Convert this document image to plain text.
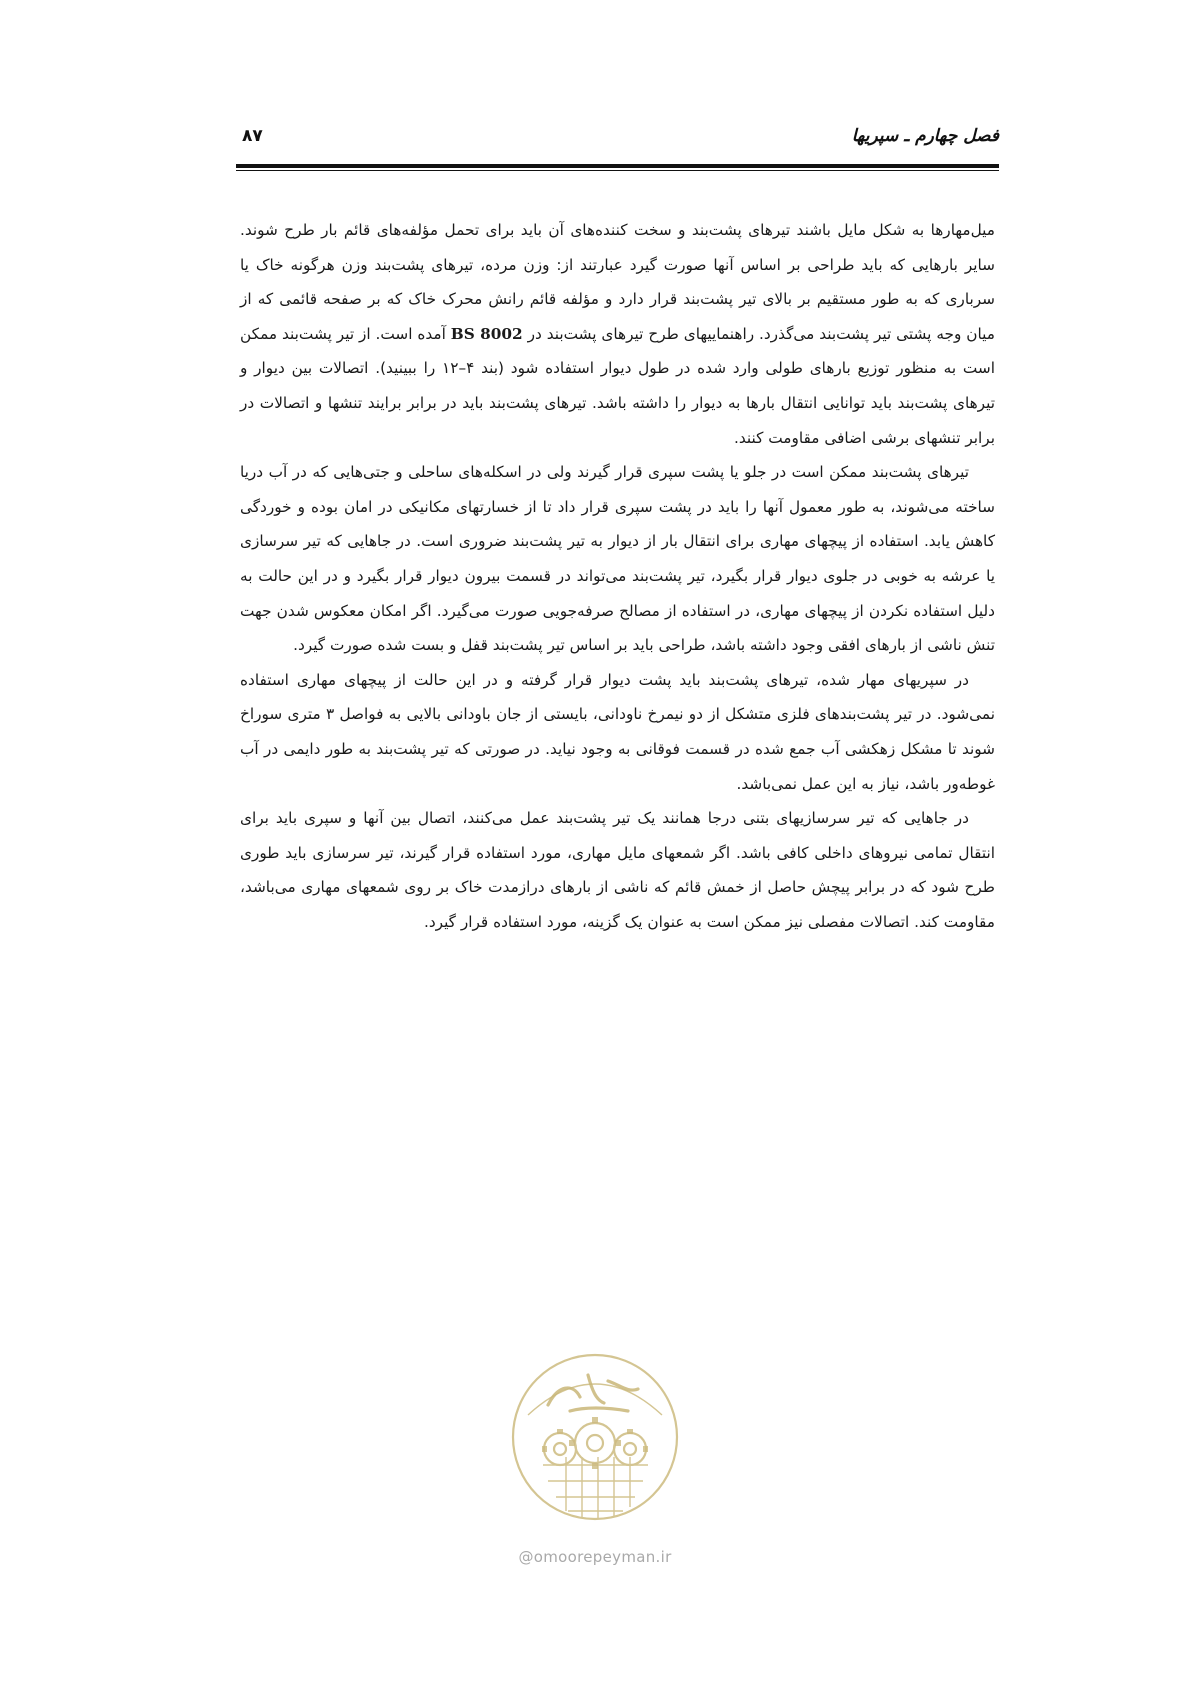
فصل چهارم ـ سپریها
۸۷

میل‌مهارها به شکل مایل باشند تیرهای پشت‌بند و سخت کننده‌های آن باید برای تحمل مؤلفه‌های قائم بار طرح شوند. سایر بارهایی که باید طراحی بر اساس آنها صورت گیرد عبارتند از: وزن مرده، تیرهای پشت‌بند وزن هرگونه خاک یا سرباری که به طور مستقیم بر بالای تیر پشت‌بند قرار دارد و مؤلفه قائم رانش محرک خاک که بر صفحه قائمی که از میان وجه پشتی تیر پشت‌بند می‌گذرد. راهنماییهای طرح تیرهای پشت‌بند در BS 8002 آمده است. از تیر پشت‌بند ممکن است به منظور توزیع بارهای طولی وارد شده در طول دیوار استفاده شود (بند ۴–۱۲ را ببینید). اتصالات بین دیوار و تیرهای پشت‌بند باید توانایی انتقال بارها به دیوار را داشته باشد. تیرهای پشت‌بند باید در برابر برایند تنشها و اتصالات در برابر تنشهای برشی اضافی مقاومت کنند.

تیرهای پشت‌بند ممکن است در جلو یا پشت سپری قرار گیرند ولی در اسکله‌های ساحلی و جتی‌هایی که در آب دریا ساخته می‌شوند، به طور معمول آنها را باید در پشت سپری قرار داد تا از خسارتهای مکانیکی در امان بوده و خوردگی کاهش یابد. استفاده از پیچهای مهاری برای انتقال بار از دیوار به تیر پشت‌بند ضروری است. در جاهایی که تیر سرسازی یا عرشه به خوبی در جلوی دیوار قرار بگیرد، تیر پشت‌بند می‌تواند در قسمت بیرون دیوار قرار بگیرد و در این حالت به دلیل استفاده نکردن از پیچهای مهاری، در استفاده از مصالح صرفه‌جویی صورت می‌گیرد. اگر امکان معکوس شدن جهت تنش ناشی از بارهای افقی وجود داشته باشد، طراحی باید بر اساس تیر پشت‌بند قفل و بست شده صورت گیرد.

در سپریهای مهار شده، تیرهای پشت‌بند باید پشت دیوار قرار گرفته و در این حالت از پیچهای مهاری استفاده نمی‌شود. در تیر پشت‌بندهای فلزی متشکل از دو نیمرخ ناودانی، بایستی از جان باودانی بالایی به فواصل ۳ متری سوراخ شوند تا مشکل زهکشی آب جمع شده در قسمت فوقانی به وجود نیاید. در صورتی که تیر پشت‌بند به طور دایمی در آب غوطه‌ور باشد، نیاز به این عمل نمی‌باشد.

در جاهایی که تیر سرسازیهای بتنی درجا همانند یک تیر پشت‌بند عمل می‌کنند، اتصال بین آنها و سپری باید برای انتقال تمامی نیروهای داخلی کافی باشد. اگر شمعهای مایل مهاری، مورد استفاده قرار گیرند، تیر سرسازی باید طوری طرح شود که در برابر پیچش حاصل از خمش قائم که ناشی از بارهای درازمدت خاک بر روی شمعهای مهاری می‌باشد، مقاومت کند. اتصالات مفصلی نیز ممکن است به عنوان یک گزینه، مورد استفاده قرار گیرد.

@omoorepeyman.ir
